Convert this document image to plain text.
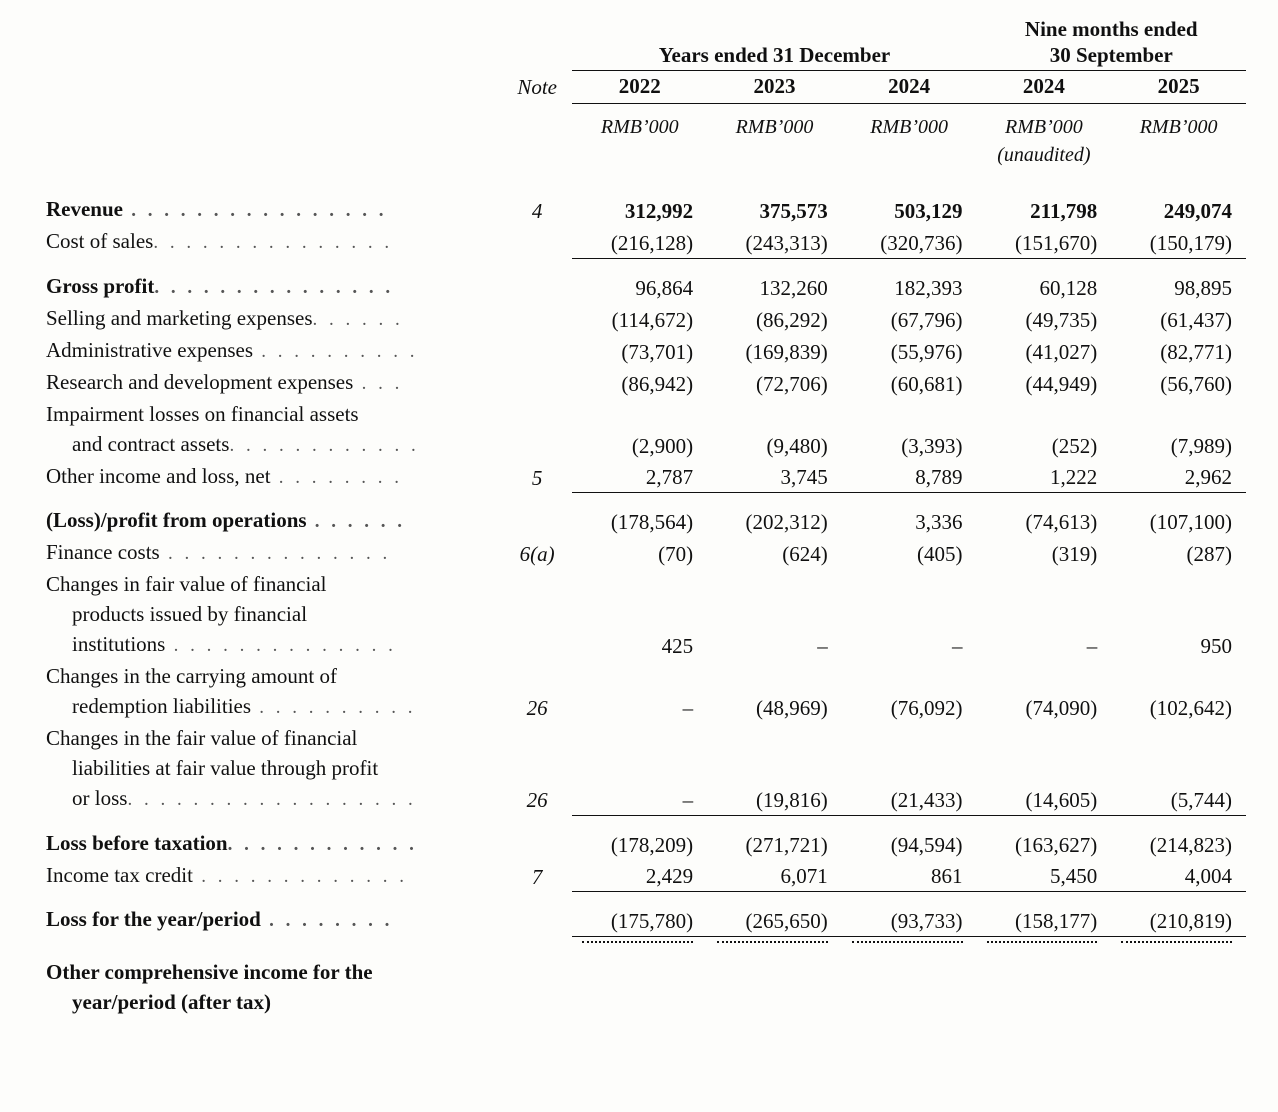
		Years ended 31 December			Nine months ended
30 September	
	Note	2022	2023	2024	2024	2025
		RMB’000	RMB’000	RMB’000	RMB’000	RMB’000
					(unaudited)	

Revenue . . . . . . . . . . . . . . . .	4	312,992	375,573	503,129	211,798	249,074
Cost of sales. . . . . . . . . . . . . . .		(216,128)	(243,313)	(320,736)	(151,670)	(150,179)

Gross profit. . . . . . . . . . . . . . .		96,864	132,260	182,393	60,128	98,895
Selling and marketing expenses. . . . . .		(114,672)	(86,292)	(67,796)	(49,735)	(61,437)
Administrative expenses . . . . . . . . . .		(73,701)	(169,839)	(55,976)	(41,027)	(82,771)
Research and development expenses . . .		(86,942)	(72,706)	(60,681)	(44,949)	(56,760)
Impairment losses on financial assets						
and contract assets. . . . . . . . . . . .		(2,900)	(9,480)	(3,393)	(252)	(7,989)
Other income and loss, net . . . . . . . .	5	2,787	3,745	8,789	1,222	2,962

(Loss)/profit from operations . . . . . .		(178,564)	(202,312)	3,336	(74,613)	(107,100)
Finance costs . . . . . . . . . . . . . .	6(a)	(70)	(624)	(405)	(319)	(287)
Changes in fair value of financial						
products issued by financial						
institutions . . . . . . . . . . . . . .		425	–	–	–	950
Changes in the carrying amount of						
redemption liabilities . . . . . . . . . .	26	–	(48,969)	(76,092)	(74,090)	(102,642)
Changes in the fair value of financial						
liabilities at fair value through profit						
or loss. . . . . . . . . . . . . . . . . .	26	–	(19,816)	(21,433)	(14,605)	(5,744)

Loss before taxation. . . . . . . . . . . .		(178,209)	(271,721)	(94,594)	(163,627)	(214,823)
Income tax credit . . . . . . . . . . . . .	7	2,429	6,071	861	5,450	4,004

Loss for the year/period . . . . . . . .		(175,780)	(265,650)	(93,733)	(158,177)	(210,819)

Other comprehensive income for the						
year/period (after tax)						
